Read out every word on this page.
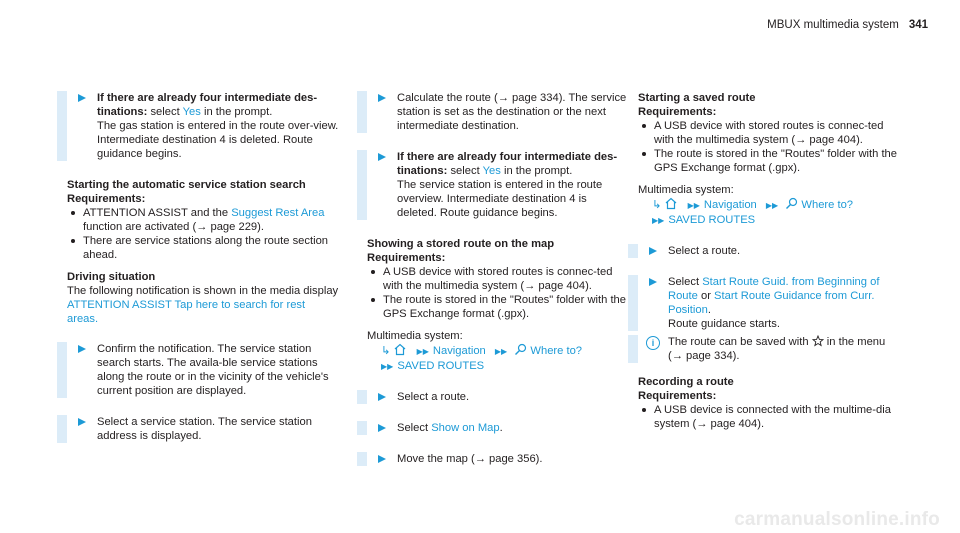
MBUX multimedia system 341

If there are already four intermediate des-tinations: select Yes in the prompt.

The gas station is entered in the route over-view. Intermediate destination 4 is deleted. Route guidance begins.

Starting the automatic service station search

Requirements:

ATTENTION ASSIST and the Suggest Rest Area function are activated (→ page 229).
There are service stations along the route section ahead.

Driving situation

The following notification is shown in the media display ATTENTION ASSIST Tap here to search for rest areas.

Confirm the notification. The service station search starts. The availa-ble service stations along the route or in the vicinity of the vehicle's current position are displayed.

Select a service station. The service station address is displayed.

Calculate the route (→ page 334). The service station is set as the destination or the next intermediate destination.

If there are already four intermediate des-tinations: select Yes in the prompt.

The service station is entered in the route overview. Intermediate destination 4 is deleted. Route guidance begins.

Showing a stored route on the map

Requirements:

A USB device with stored routes is connec-ted with the multimedia system (→ page 404).
The route is stored in the "Routes" folder with the GPS Exchange format (.gpx).

Multimedia system:

↳	▶▶ Navigation ▶▶ Where to?

▶▶ SAVED ROUTES

Select a route.

Select Show on Map.

Move the map (→ page 356).

Starting a saved route

Requirements:

A USB device with stored routes is connec-ted with the multimedia system (→ page 404).
The route is stored in the "Routes" folder with the GPS Exchange format (.gpx).

Multimedia system:

↳	▶▶ Navigation ▶▶ Where to?

▶▶ SAVED ROUTES

Select a route.

Select Start Route Guid. from Beginning of Route or Start Route Guidance from Curr. Position.

Route guidance starts.

i	The route can be saved with  in the menu (→ page 334).

Recording a route

Requirements:

A USB device is connected with the multime-dia system (→ page 404).
carmanualsonline.info
